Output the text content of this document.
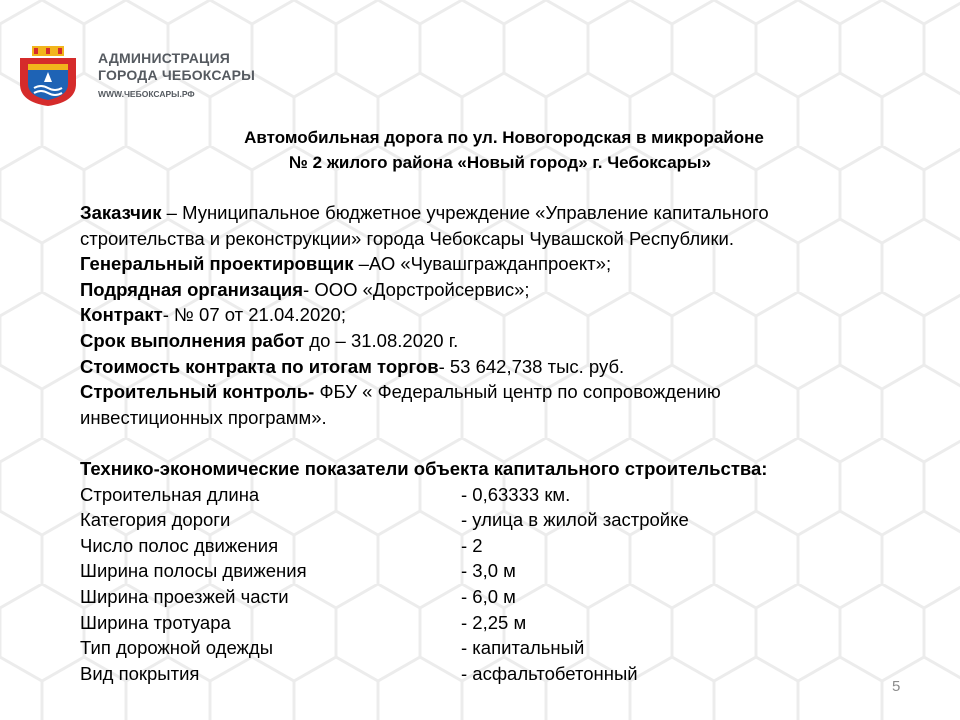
АДМИНИСТРАЦИЯ
ГОРОДА ЧЕБОКСАРЫ
WWW.ЧЕБОКСАРЫ.РФ
Автомобильная дорога по ул. Новогородская в микрорайоне
№ 2 жилого района «Новый город» г. Чебоксары»
Заказчик – Муниципальное бюджетное учреждение «Управление капитального
строительства и реконструкции» города Чебоксары Чувашской Республики.
Генеральный проектировщик –АО «Чувашгражданпроект»;
Подрядная организация- ООО «Дорстройсервис»;
Контракт- № 07 от 21.04.2020;
Срок выполнения работ до – 31.08.2020 г.
Стоимость контракта по итогам торгов- 53 642,738 тыс. руб.
Строительный контроль- ФБУ « Федеральный центр по сопровождению
инвестиционных программ».
Технико-экономические показатели объекта капитального строительства:
Строительная длина	- 0,63333 км.
Категория дороги	- улица в жилой застройке
Число полос движения	- 2
Ширина полосы движения	- 3,0 м
Ширина проезжей части	- 6,0 м
Ширина тротуара	- 2,25 м
Тип дорожной одежды	- капитальный
Вид покрытия	- асфальтобетонный
5
